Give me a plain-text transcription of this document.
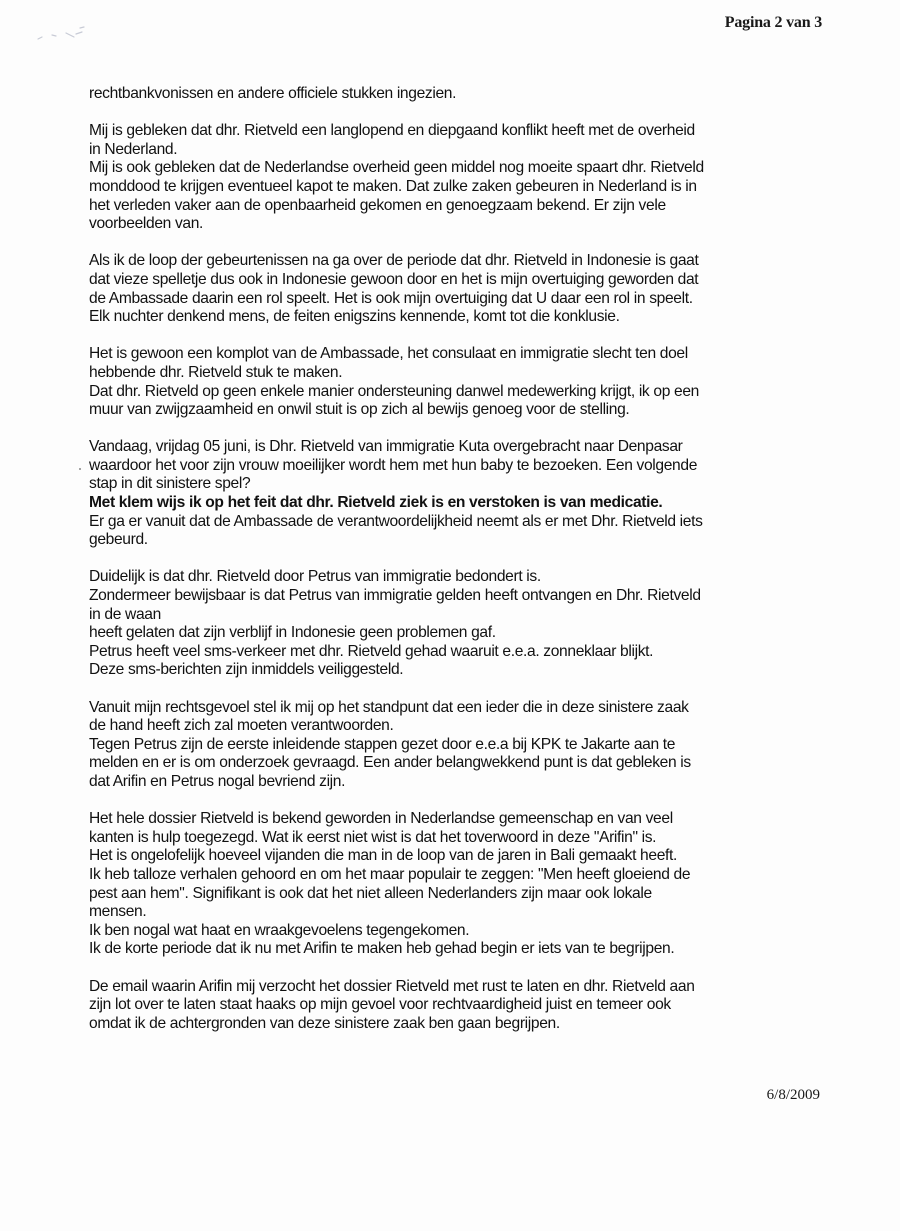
Pagina 2 van 3
rechtbankvonissen en andere officiele stukken ingezien.
Mij is gebleken dat dhr. Rietveld een langlopend en diepgaand konflikt heeft met de overheid
in Nederland.
Mij is ook gebleken dat de Nederlandse overheid geen middel nog moeite spaart dhr. Rietveld
monddood te krijgen eventueel kapot te maken. Dat zulke zaken gebeuren in Nederland is in
het verleden vaker aan de openbaarheid gekomen en genoegzaam bekend. Er zijn vele
voorbeelden van.
Als ik de loop der gebeurtenissen na ga over de periode dat dhr. Rietveld in Indonesie is gaat
dat vieze spelletje dus ook in Indonesie gewoon door en het is mijn overtuiging geworden dat
de Ambassade daarin een rol speelt. Het is ook mijn overtuiging dat U daar een rol in speelt.
Elk nuchter denkend mens, de feiten enigszins kennende, komt tot die konklusie.
Het is gewoon een komplot van de Ambassade, het consulaat en immigratie slecht ten doel
hebbende dhr. Rietveld stuk te maken.
Dat dhr. Rietveld op geen enkele manier ondersteuning danwel medewerking krijgt, ik op een
muur van zwijgzaamheid en onwil stuit is op zich al bewijs genoeg voor de stelling.
Vandaag, vrijdag 05 juni, is Dhr. Rietveld van immigratie Kuta overgebracht naar Denpasar
waardoor het voor zijn vrouw moeilijker wordt hem met hun baby te bezoeken. Een volgende
stap in dit sinistere spel?
Met klem wijs ik op het feit dat dhr. Rietveld ziek is en verstoken is van medicatie.
Er ga er vanuit dat de Ambassade de verantwoordelijkheid neemt als er met Dhr. Rietveld iets
gebeurd.
Duidelijk is dat dhr. Rietveld door Petrus van immigratie bedondert is.
Zondermeer bewijsbaar is dat Petrus van immigratie gelden heeft ontvangen en Dhr. Rietveld
in de waan
heeft gelaten dat zijn verblijf in Indonesie geen problemen gaf.
Petrus heeft veel sms-verkeer met dhr. Rietveld gehad waaruit e.e.a. zonneklaar blijkt.
Deze sms-berichten zijn inmiddels veiliggesteld.
Vanuit mijn rechtsgevoel stel ik mij op het standpunt dat een ieder die in deze sinistere zaak
de hand heeft zich zal moeten verantwoorden.
Tegen Petrus zijn de eerste inleidende stappen gezet door e.e.a bij KPK te Jakarte aan te
melden en er is om onderzoek gevraagd. Een ander belangwekkend punt is dat gebleken is
dat Arifin en Petrus nogal bevriend zijn.
Het hele dossier Rietveld is bekend geworden in Nederlandse gemeenschap en van veel
kanten is hulp toegezegd. Wat ik eerst niet wist is dat het toverwoord in deze "Arifin" is.
Het is ongelofelijk hoeveel vijanden die man in de loop van de jaren in Bali gemaakt heeft.
Ik heb talloze verhalen gehoord en om het maar populair te zeggen: "Men heeft gloeiend de
pest aan hem". Signifikant is ook dat het niet alleen Nederlanders zijn maar ook lokale
mensen.
Ik ben nogal wat haat en wraakgevoelens tegengekomen.
Ik de korte periode dat ik nu met Arifin te maken heb gehad begin er iets van te begrijpen.
De email waarin Arifin mij verzocht het dossier Rietveld met rust te laten en dhr. Rietveld aan
zijn lot over te laten staat haaks op mijn gevoel voor rechtvaardigheid juist en temeer ook
omdat ik de achtergronden van deze sinistere zaak ben gaan begrijpen.
6/8/2009
